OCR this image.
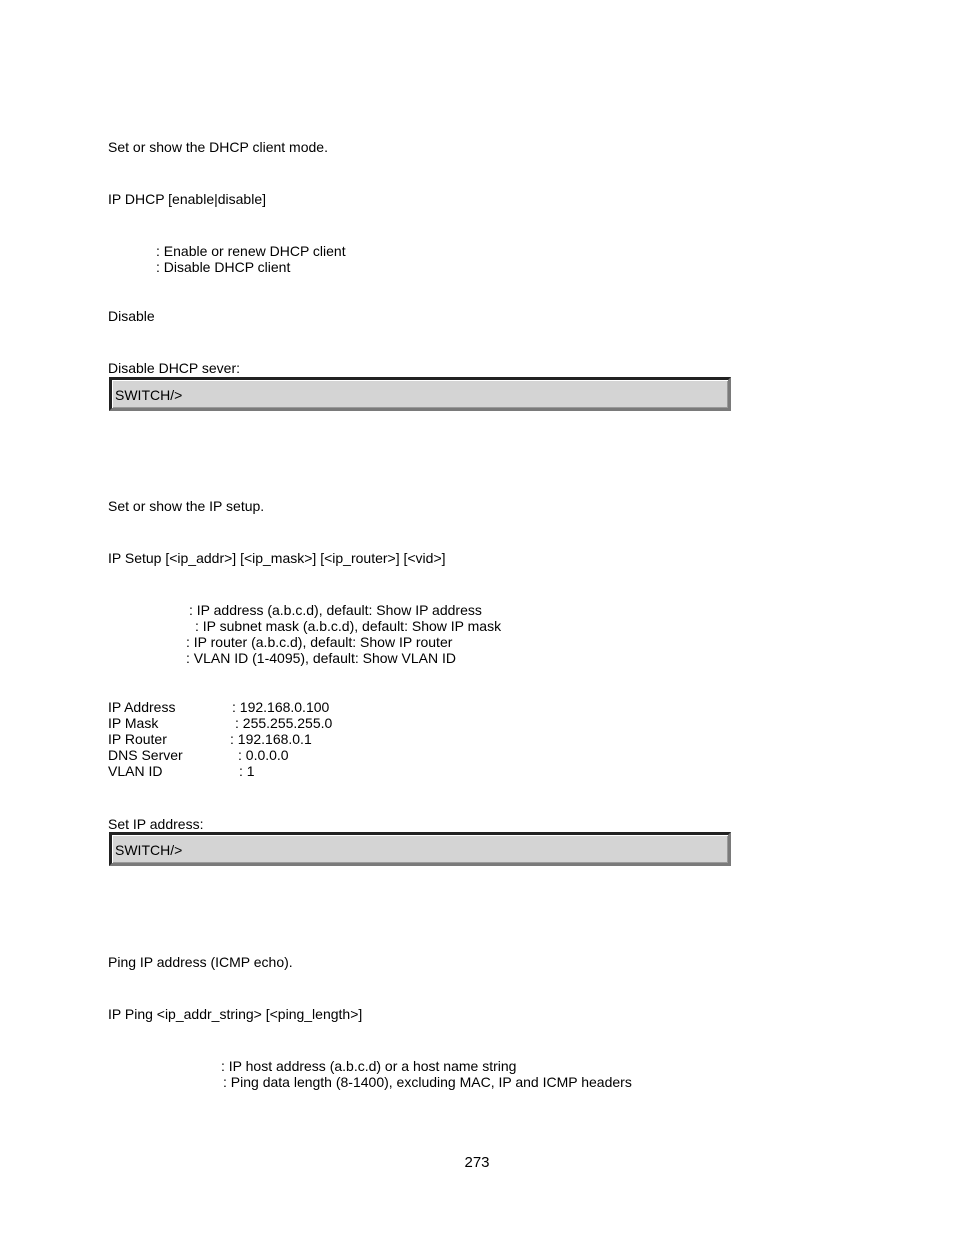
Set or show the DHCP client mode.
IP DHCP [enable|disable]
: Enable or renew DHCP client
: Disable DHCP client
Disable
Disable DHCP sever:
SWITCH/>
Set or show the IP setup.
IP Setup [<ip_addr>] [<ip_mask>] [<ip_router>] [<vid>]
: IP address (a.b.c.d), default: Show IP address
: IP subnet mask (a.b.c.d), default: Show IP mask
: IP router (a.b.c.d), default: Show IP router
: VLAN ID (1-4095), default: Show VLAN ID
IP Address	: 192.168.0.100
IP Mask	: 255.255.255.0
IP Router	: 192.168.0.1
DNS Server	: 0.0.0.0
VLAN ID	: 1
Set IP address:
SWITCH/>
Ping IP address (ICMP echo).
IP Ping <ip_addr_string> [<ping_length>]
: IP host address (a.b.c.d) or a host name string
: Ping data length (8-1400), excluding MAC, IP and ICMP headers
273
